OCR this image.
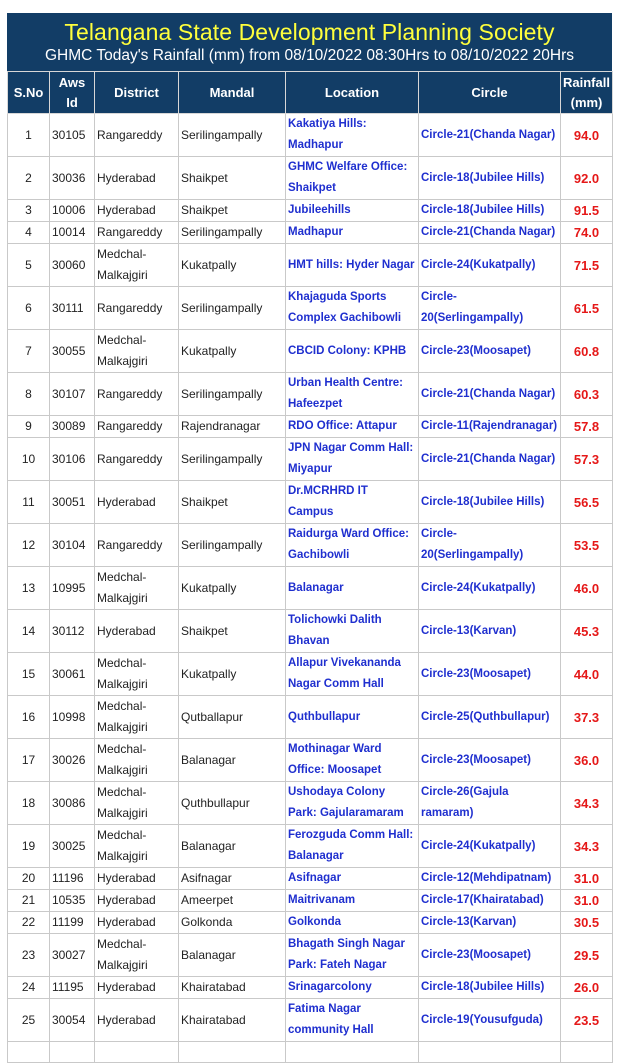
Telangana State Development Planning Society
GHMC Today's Rainfall (mm) from 08/10/2022 08:30Hrs to 08/10/2022 20Hrs
S.No	Aws Id	District	Mandal	Location	Circle	Rainfall (mm)
1	30105	Rangareddy	Serilingampally	Kakatiya Hills: Madhapur	Circle-21(Chanda Nagar)	94.0
2	30036	Hyderabad	Shaikpet	GHMC Welfare Office: Shaikpet	Circle-18(Jubilee Hills)	92.0
3	10006	Hyderabad	Shaikpet	Jubileehills	Circle-18(Jubilee Hills)	91.5
4	10014	Rangareddy	Serilingampally	Madhapur	Circle-21(Chanda Nagar)	74.0
5	30060	Medchal-Malkajgiri	Kukatpally	HMT hills: Hyder Nagar	Circle-24(Kukatpally)	71.5
6	30111	Rangareddy	Serilingampally	Khajaguda Sports Complex Gachibowli	Circle-20(Serlingampally)	61.5
7	30055	Medchal-Malkajgiri	Kukatpally	CBCID Colony: KPHB	Circle-23(Moosapet)	60.8
8	30107	Rangareddy	Serilingampally	Urban Health Centre: Hafeezpet	Circle-21(Chanda Nagar)	60.3
9	30089	Rangareddy	Rajendranagar	RDO Office: Attapur	Circle-11(Rajendranagar)	57.8
10	30106	Rangareddy	Serilingampally	JPN Nagar Comm Hall: Miyapur	Circle-21(Chanda Nagar)	57.3
11	30051	Hyderabad	Shaikpet	Dr.MCRHRD IT Campus	Circle-18(Jubilee Hills)	56.5
12	30104	Rangareddy	Serilingampally	Raidurga Ward Office: Gachibowli	Circle-20(Serlingampally)	53.5
13	10995	Medchal-Malkajgiri	Kukatpally	Balanagar	Circle-24(Kukatpally)	46.0
14	30112	Hyderabad	Shaikpet	Tolichowki Dalith Bhavan	Circle-13(Karvan)	45.3
15	30061	Medchal-Malkajgiri	Kukatpally	Allapur Vivekananda Nagar Comm Hall	Circle-23(Moosapet)	44.0
16	10998	Medchal-Malkajgiri	Qutballapur	Quthbullapur	Circle-25(Quthbullapur)	37.3
17	30026	Medchal-Malkajgiri	Balanagar	Mothinagar Ward Office: Moosapet	Circle-23(Moosapet)	36.0
18	30086	Medchal-Malkajgiri	Quthbullapur	Ushodaya Colony Park: Gajularamaram	Circle-26(Gajula ramaram)	34.3
19	30025	Medchal-Malkajgiri	Balanagar	Ferozguda Comm Hall: Balanagar	Circle-24(Kukatpally)	34.3
20	11196	Hyderabad	Asifnagar	Asifnagar	Circle-12(Mehdipatnam)	31.0
21	10535	Hyderabad	Ameerpet	Maitrivanam	Circle-17(Khairatabad)	31.0
22	11199	Hyderabad	Golkonda	Golkonda	Circle-13(Karvan)	30.5
23	30027	Medchal-Malkajgiri	Balanagar	Bhagath Singh Nagar Park: Fateh Nagar	Circle-23(Moosapet)	29.5
24	11195	Hyderabad	Khairatabad	Srinagarcolony	Circle-18(Jubilee Hills)	26.0
25	30054	Hyderabad	Khairatabad	Fatima Nagar community Hall	Circle-19(Yousufguda)	23.5
